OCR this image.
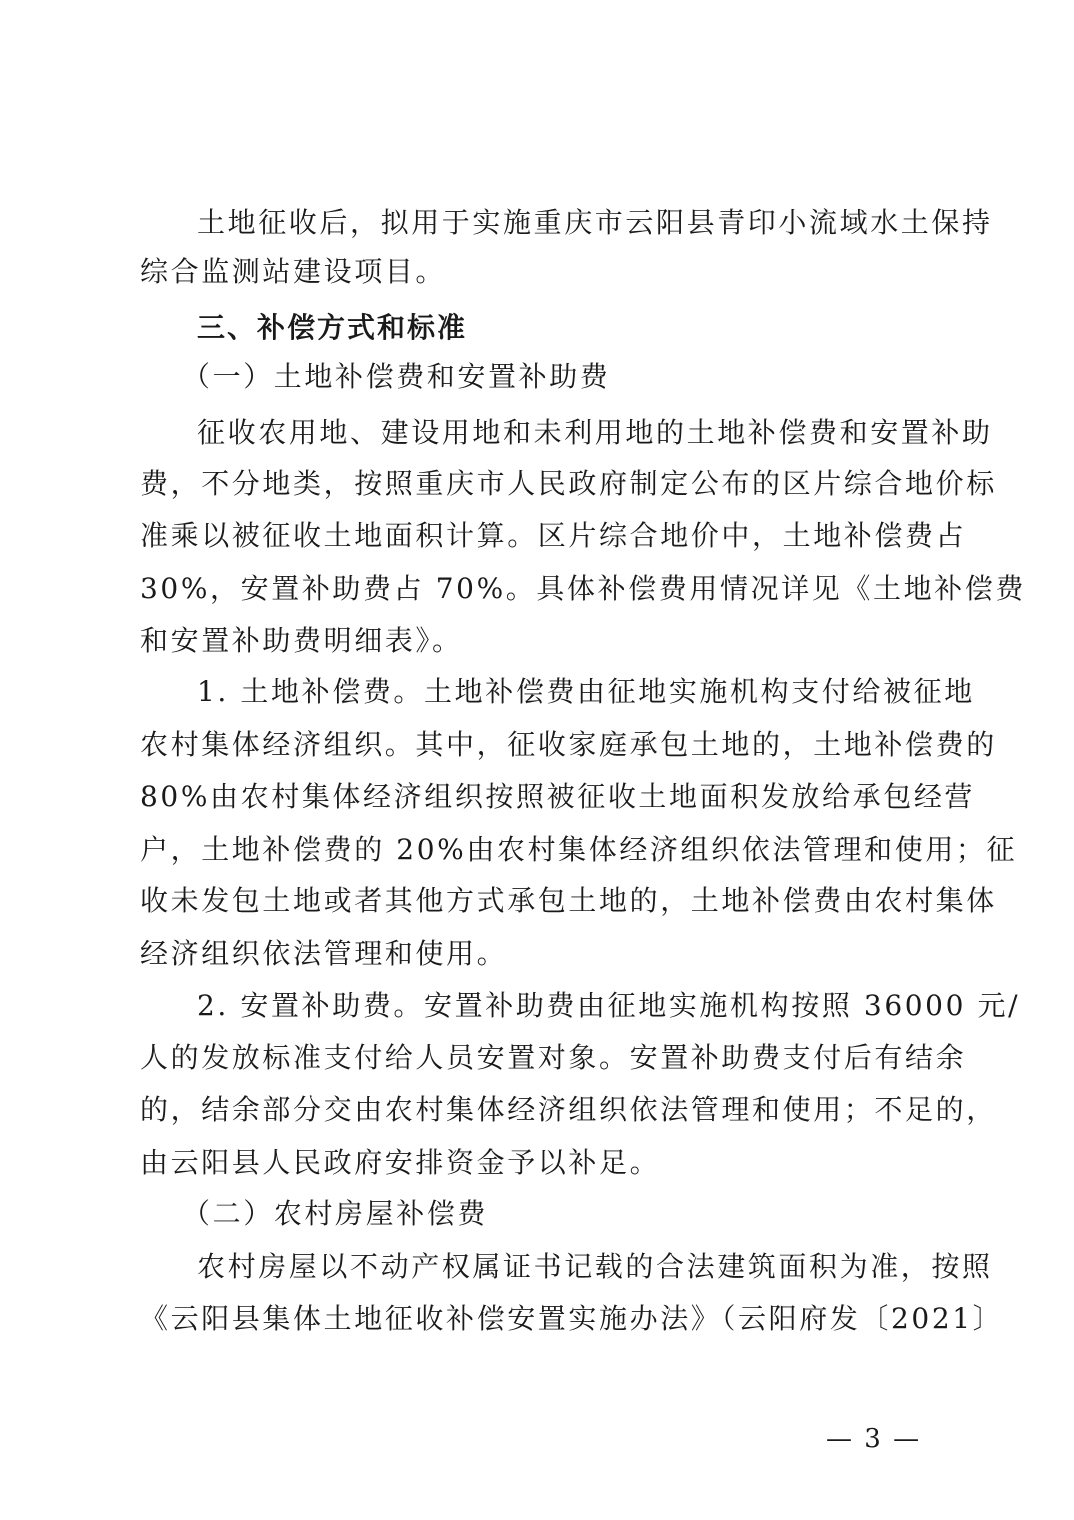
土地征收后，拟用于实施重庆市云阳县青印小流域水土保持
综合监测站建设项目。
三、补偿方式和标准
（一）土地补偿费和安置补助费
征收农用地、建设用地和未利用地的土地补偿费和安置补助
费，不分地类，按照重庆市人民政府制定公布的区片综合地价标
准乘以被征收土地面积计算。区片综合地价中，土地补偿费占
30%，安置补助费占 70%。具体补偿费用情况详见《土地补偿费
和安置补助费明细表》。
1. 土地补偿费。土地补偿费由征地实施机构支付给被征地
农村集体经济组织。其中，征收家庭承包土地的，土地补偿费的
80%由农村集体经济组织按照被征收土地面积发放给承包经营
户，土地补偿费的 20%由农村集体经济组织依法管理和使用；征
收未发包土地或者其他方式承包土地的，土地补偿费由农村集体
经济组织依法管理和使用。
2. 安置补助费。安置补助费由征地实施机构按照 36000 元/
人的发放标准支付给人员安置对象。安置补助费支付后有结余
的，结余部分交由农村集体经济组织依法管理和使用；不足的，
由云阳县人民政府安排资金予以补足。
（二）农村房屋补偿费
农村房屋以不动产权属证书记载的合法建筑面积为准，按照
《云阳县集体土地征收补偿安置实施办法》（云阳府发〔2021〕
— 3 —
